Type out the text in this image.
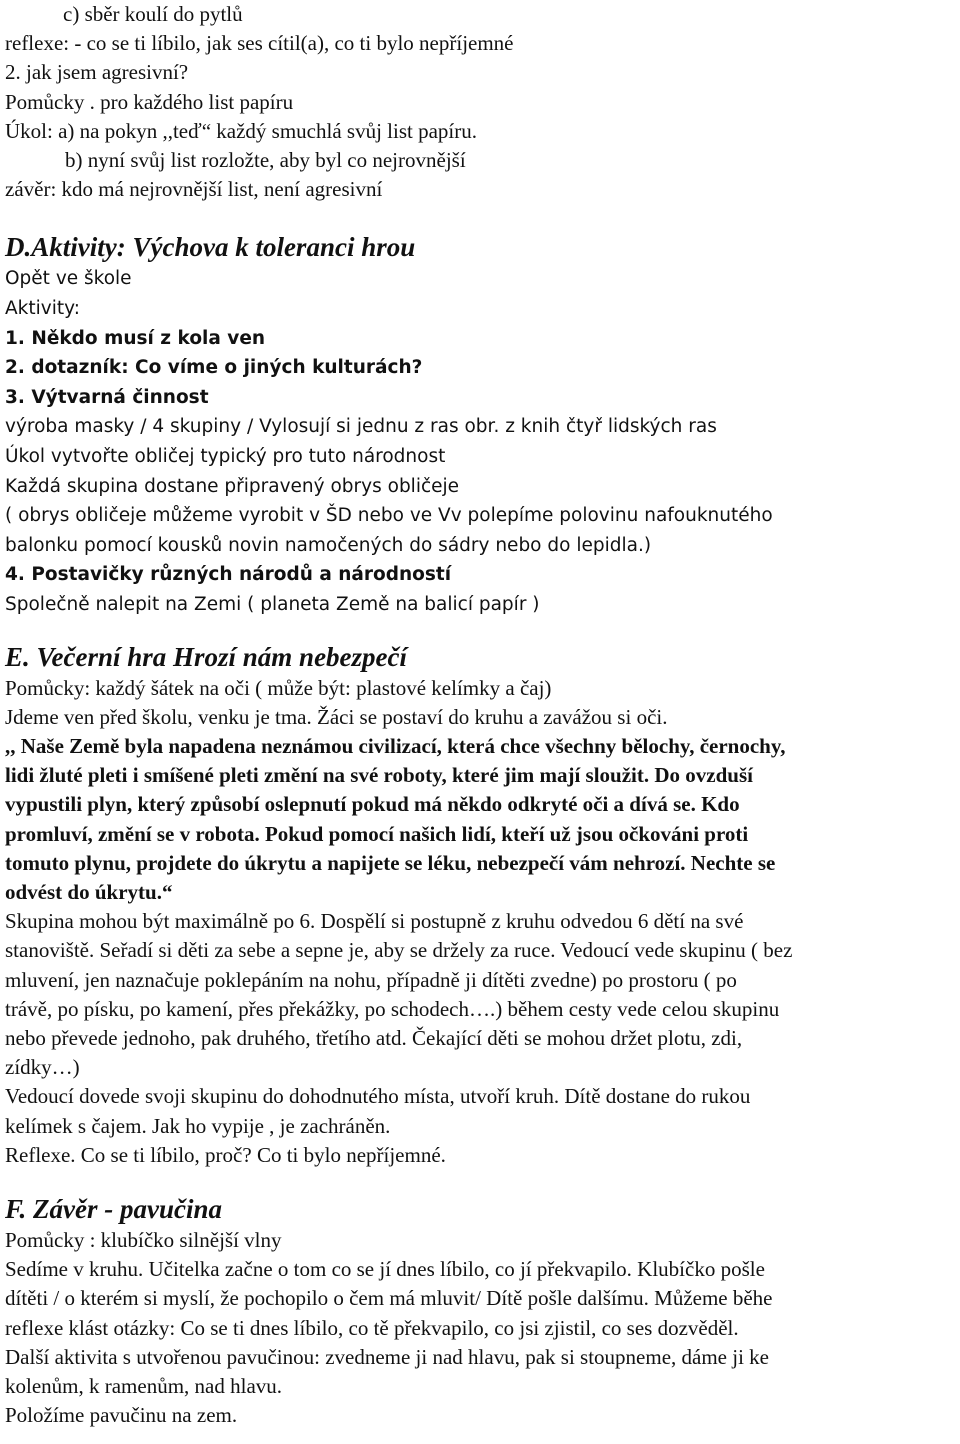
c) sběr koulí do pytlů

reflexe: - co se ti líbilo, jak ses cítil(a), co ti bylo nepříjemné

2. jak jsem agresivní?

Pomůcky . pro každého list papíru

Úkol: a) na pokyn ,,teď“ každý smuchlá svůj list papíru.

b) nyní svůj list rozložte, aby byl co nejrovnější

závěr: kdo má nejrovnější list, není agresivní

D.Aktivity: Výchova k toleranci hrou

Opět ve škole

Aktivity:

1. Někdo musí z kola ven

2. dotazník: Co víme o jiných kulturách?

3. Výtvarná činnost

výroba masky / 4 skupiny / Vylosují si jednu z ras obr. z knih čtyř lidských ras

Úkol vytvořte obličej typický pro tuto národnost

Každá skupina dostane připravený obrys obličeje

( obrys obličeje můžeme vyrobit v ŠD nebo ve Vv polepíme polovinu nafouknutého

balonku pomocí kousků novin namočených do sádry nebo do lepidla.)

4. Postavičky různých národů a národností

Společně nalepit na Zemi ( planeta Země na balicí papír )

E. Večerní hra Hrozí nám nebezpečí

Pomůcky: každý šátek na oči ( může být: plastové kelímky a čaj)

Jdeme ven před školu, venku je tma. Žáci se postaví do kruhu a zavážou si oči.

,, Naše Země byla napadena neznámou civilizací, která chce všechny bělochy, černochy,

lidi žluté pleti i smíšené pleti změní na své roboty, které jim mají sloužit. Do ovzduší

vypustili plyn, který způsobí oslepnutí pokud má někdo odkryté oči a dívá se. Kdo

promluví, změní se v robota. Pokud pomocí našich lidí, kteří už jsou očkováni proti

tomuto plynu, projdete do úkrytu a napijete se léku, nebezpečí vám nehrozí. Nechte se

odvést do úkrytu.“

Skupina mohou být maximálně po 6. Dospělí si postupně z kruhu odvedou 6 dětí na své

stanoviště. Seřadí si děti za sebe a sepne je, aby se držely za ruce. Vedoucí vede skupinu ( bez

mluvení, jen naznačuje poklepáním na nohu, případně ji dítěti zvedne) po prostoru ( po

trávě, po písku, po kamení, přes překážky, po schodech….) během cesty vede celou skupinu

nebo převede jednoho, pak druhého, třetího atd. Čekající děti se mohou držet plotu, zdi,

zídky…)

Vedoucí dovede svoji skupinu do dohodnutého místa, utvoří kruh. Dítě dostane do rukou

kelímek s čajem. Jak ho vypije , je zachráněn.

Reflexe. Co se ti líbilo, proč? Co ti bylo nepříjemné.

F. Závěr - pavučina

Pomůcky : klubíčko silnější vlny

Sedíme v kruhu. Učitelka začne o tom co se jí dnes líbilo, co jí překvapilo. Klubíčko pošle

dítěti / o kterém si myslí, že pochopilo o čem má mluvit/ Dítě pošle dalšímu. Můžeme běhe

reflexe klást otázky: Co se ti dnes líbilo, co tě překvapilo, co jsi zjistil, co ses dozvěděl.

Další aktivita s utvořenou pavučinou: zvedneme ji nad hlavu, pak si stoupneme, dáme ji ke

kolenům, k ramenům, nad hlavu.

Položíme pavučinu na zem.
